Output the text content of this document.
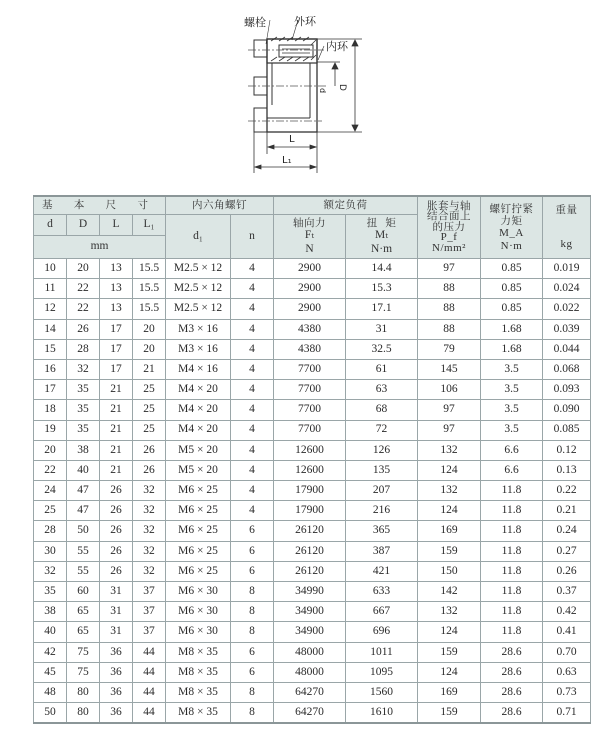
螺栓	外环
内环
d D
L
L₁
基 本 尺 寸				内六角螺钉		额定负荷		胀套与轴结合面上的压力
P_f
N/mm²	螺钉拧紧力矩
M_A
N·m	重量
kg

d	D	L	L₁	d₁	n	轴向力
Fₜ
N	扭  矩
Mₜ
N·m			

mm										
10	20	13	15.5	M2.5 × 12	4	2900	14.4	97	0.85	0.019
11	22	13	15.5	M2.5 × 12	4	2900	15.3	88	0.85	0.024
12	22	13	15.5	M2.5 × 12	4	2900	17.1	88	0.85	0.022
14	26	17	20	M3 × 16	4	4380	31	88	1.68	0.039
15	28	17	20	M3 × 16	4	4380	32.5	79	1.68	0.044
16	32	17	21	M4 × 16	4	7700	61	145	3.5	0.068
17	35	21	25	M4 × 20	4	7700	63	106	3.5	0.093
18	35	21	25	M4 × 20	4	7700	68	97	3.5	0.090
19	35	21	25	M4 × 20	4	7700	72	97	3.5	0.085
20	38	21	26	M5 × 20	4	12600	126	132	6.6	0.12
22	40	21	26	M5 × 20	4	12600	135	124	6.6	0.13
24	47	26	32	M6 × 25	4	17900	207	132	11.8	0.22
25	47	26	32	M6 × 25	4	17900	216	124	11.8	0.21
28	50	26	32	M6 × 25	6	26120	365	169	11.8	0.24
30	55	26	32	M6 × 25	6	26120	387	159	11.8	0.27
32	55	26	32	M6 × 25	6	26120	421	150	11.8	0.26
35	60	31	37	M6 × 30	8	34990	633	142	11.8	0.37
38	65	31	37	M6 × 30	8	34900	667	132	11.8	0.42
40	65	31	37	M6 × 30	8	34900	696	124	11.8	0.41
42	75	36	44	M8 × 35	6	48000	1011	159	28.6	0.70
45	75	36	44	M8 × 35	6	48000	1095	124	28.6	0.63
48	80	36	44	M8 × 35	8	64270	1560	169	28.6	0.73
50	80	36	44	M8 × 35	8	64270	1610	159	28.6	0.71
